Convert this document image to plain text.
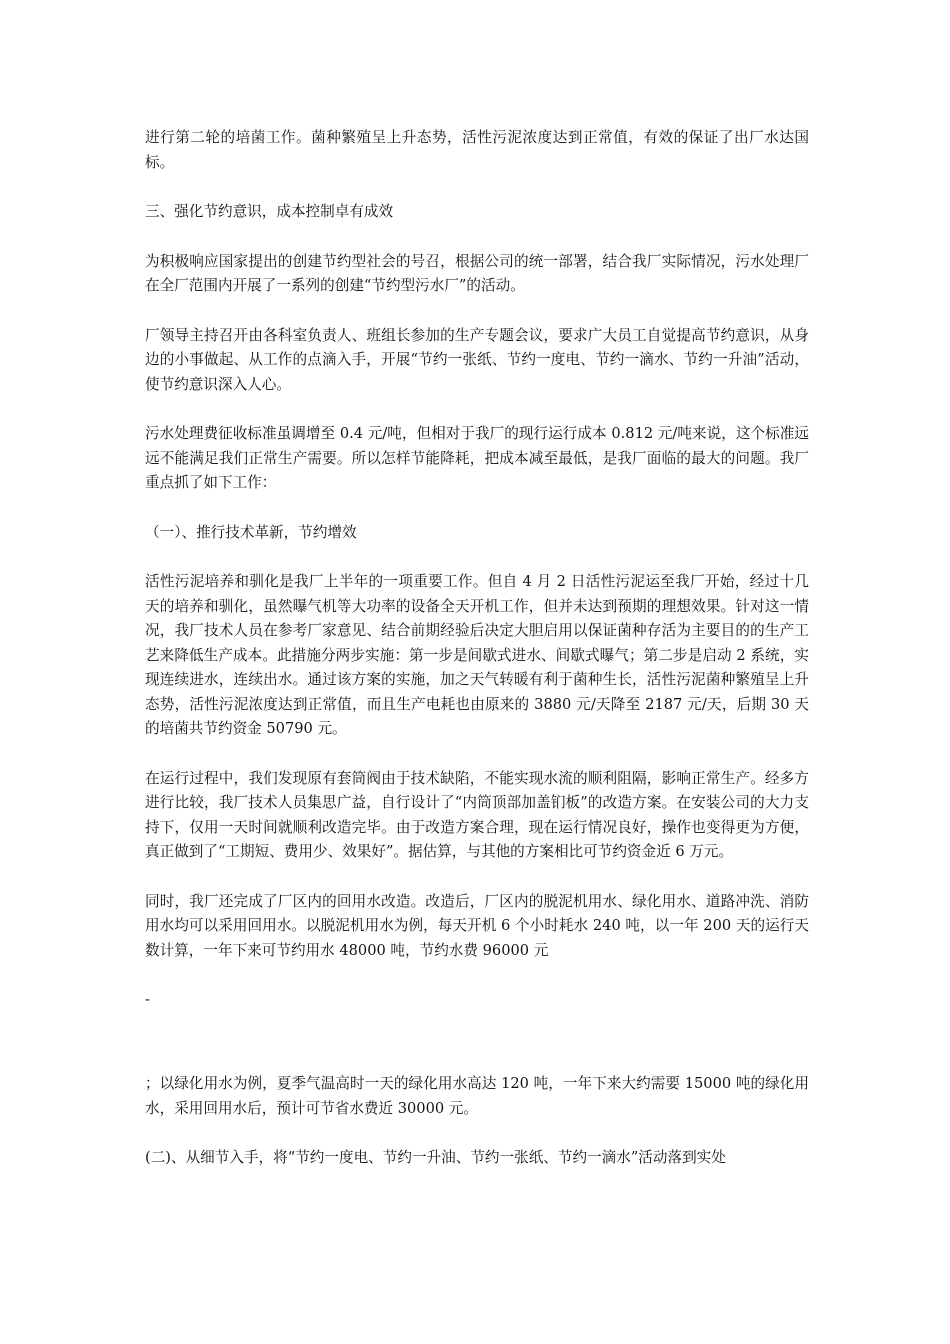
进行第二轮的培菌工作。菌种繁殖呈上升态势，活性污泥浓度达到正常值，有效的保证了出厂水达国标。

三、强化节约意识，成本控制卓有成效

为积极响应国家提出的创建节约型社会的号召，根据公司的统一部署，结合我厂实际情况，污水处理厂在全厂范围内开展了一系列的创建“节约型污水厂”的活动。

厂领导主持召开由各科室负责人、班组长参加的生产专题会议，要求广大员工自觉提高节约意识，从身边的小事做起、从工作的点滴入手，开展“节约一张纸、节约一度电、节约一滴水、节约一升油”活动，使节约意识深入人心。

污水处理费征收标准虽调增至 0.4 元/吨，但相对于我厂的现行运行成本 0.812 元/吨来说，这个标准远远不能满足我们正常生产需要。所以怎样节能降耗，把成本减至最低，是我厂面临的最大的问题。我厂重点抓了如下工作：

（一）、推行技术革新，节约增效

活性污泥培养和驯化是我厂上半年的一项重要工作。但自 4 月 2 日活性污泥运至我厂开始，经过十几天的培养和驯化，虽然曝气机等大功率的设备全天开机工作，但并未达到预期的理想效果。针对这一情况，我厂技术人员在参考厂家意见、结合前期经验后决定大胆启用以保证菌种存活为主要目的的生产工艺来降低生产成本。此措施分两步实施：第一步是间歇式进水、间歇式曝气；第二步是启动 2 系统，实现连续进水，连续出水。通过该方案的实施，加之天气转暖有利于菌种生长，活性污泥菌种繁殖呈上升态势，活性污泥浓度达到正常值，而且生产电耗也由原来的 3880 元/天降至 2187 元/天，后期 30 天的培菌共节约资金 50790 元。

在运行过程中，我们发现原有套筒阀由于技术缺陷，不能实现水流的顺利阻隔，影响正常生产。经多方进行比较，我厂技术人员集思广益，自行设计了“内筒顶部加盖钔板”的改造方案。在安装公司的大力支持下，仅用一天时间就顺利改造完毕。由于改造方案合理，现在运行情况良好，操作也变得更为方便，真正做到了“工期短、费用少、效果好”。据估算，与其他的方案相比可节约资金近 6 万元。

同时，我厂还完成了厂区内的回用水改造。改造后，厂区内的脱泥机用水、绿化用水、道路冲洗、消防用水均可以采用回用水。以脱泥机用水为例，每天开机 6 个小时耗水 240 吨，以一年 200 天的运行天数计算，一年下来可节约用水 48000 吨，节约水费 96000 元

-

；以绿化用水为例，夏季气温高时一天的绿化用水高达 120 吨，一年下来大约需要 15000 吨的绿化用水，采用回用水后，预计可节省水费近 30000 元。

(二)、从细节入手，将“节约一度电、节约一升油、节约一张纸、节约一滴水”活动落到实处
